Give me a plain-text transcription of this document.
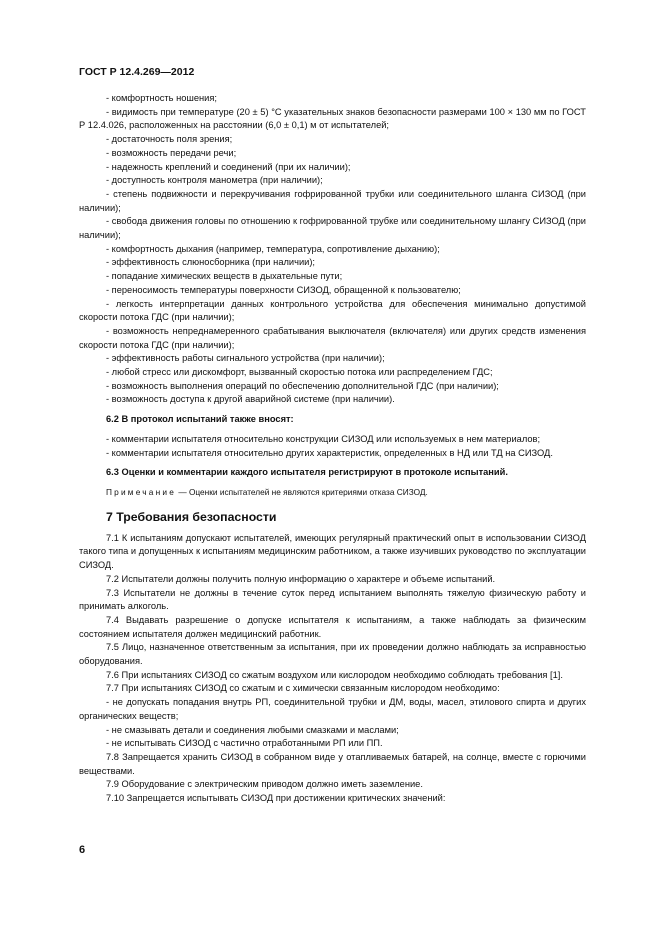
ГОСТ Р 12.4.269—2012

- комфортность ношения;

- видимость при температуре (20 ± 5) °С указательных знаков безопасности размерами 100 × 130 мм по ГОСТ Р 12.4.026, расположенных на расстоянии (6,0 ± 0,1) м от испытателей;

- достаточность поля зрения;

- возможность передачи речи;

- надежность креплений и соединений (при их наличии);

- доступность контроля манометра (при наличии);

- степень подвижности и перекручивания гофрированной трубки или соединительного шланга СИЗОД (при наличии);

- свобода движения головы по отношению к гофрированной трубке или соединительному шлангу СИЗОД (при наличии);

- комфортность дыхания (например, температура, сопротивление дыханию);

- эффективность слюносборника (при наличии);

- попадание химических веществ в дыхательные пути;

- переносимость температуры поверхности СИЗОД, обращенной к пользователю;

- легкость интерпретации данных контрольного устройства для обеспечения минимально допустимой скорости потока ГДС (при наличии);

- возможность непреднамеренного срабатывания выключателя (включателя) или других средств изменения скорости потока ГДС (при наличии);

- эффективность работы сигнального устройства (при наличии);

- любой стресс или дискомфорт, вызванный скоростью потока или распределением ГДС;

- возможность выполнения операций по обеспечению дополнительной ГДС (при наличии);

- возможность доступа к другой аварийной системе (при наличии).

6.2 В протокол испытаний также вносят:

- комментарии испытателя относительно конструкции СИЗОД или используемых в нем материалов;

- комментарии испытателя относительно других характеристик, определенных в НД или ТД на СИЗОД.

6.3 Оценки и комментарии каждого испытателя регистрируют в протоколе испытаний.

Примечание — Оценки испытателей не являются критериями отказа СИЗОД.

7 Требования безопасности

7.1 К испытаниям допускают испытателей, имеющих регулярный практический опыт в использовании СИЗОД такого типа и допущенных к испытаниям медицинским работником, а также изучивших руководство по эксплуатации СИЗОД.

7.2 Испытатели должны получить полную информацию о характере и объеме испытаний.

7.3 Испытатели не должны в течение суток перед испытанием выполнять тяжелую физическую работу и принимать алкоголь.

7.4 Выдавать разрешение о допуске испытателя к испытаниям, а также наблюдать за физическим состоянием испытателя должен медицинский работник.

7.5 Лицо, назначенное ответственным за испытания, при их проведении должно наблюдать за исправностью оборудования.

7.6 При испытаниях СИЗОД со сжатым воздухом или кислородом необходимо соблюдать требования [1].

7.7 При испытаниях СИЗОД со сжатым и с химически связанным кислородом необходимо:

- не допускать попадания внутрь РП, соединительной трубки и ДМ, воды, масел, этилового спирта и других органических веществ;

- не смазывать детали и соединения любыми смазками и маслами;

- не испытывать СИЗОД с частично отработанными РП или ПП.

7.8 Запрещается хранить СИЗОД в собранном виде у отапливаемых батарей, на солнце, вместе с горючими веществами.

7.9 Оборудование с электрическим приводом должно иметь заземление.

7.10 Запрещается испытывать СИЗОД при достижении критических значений:

6
